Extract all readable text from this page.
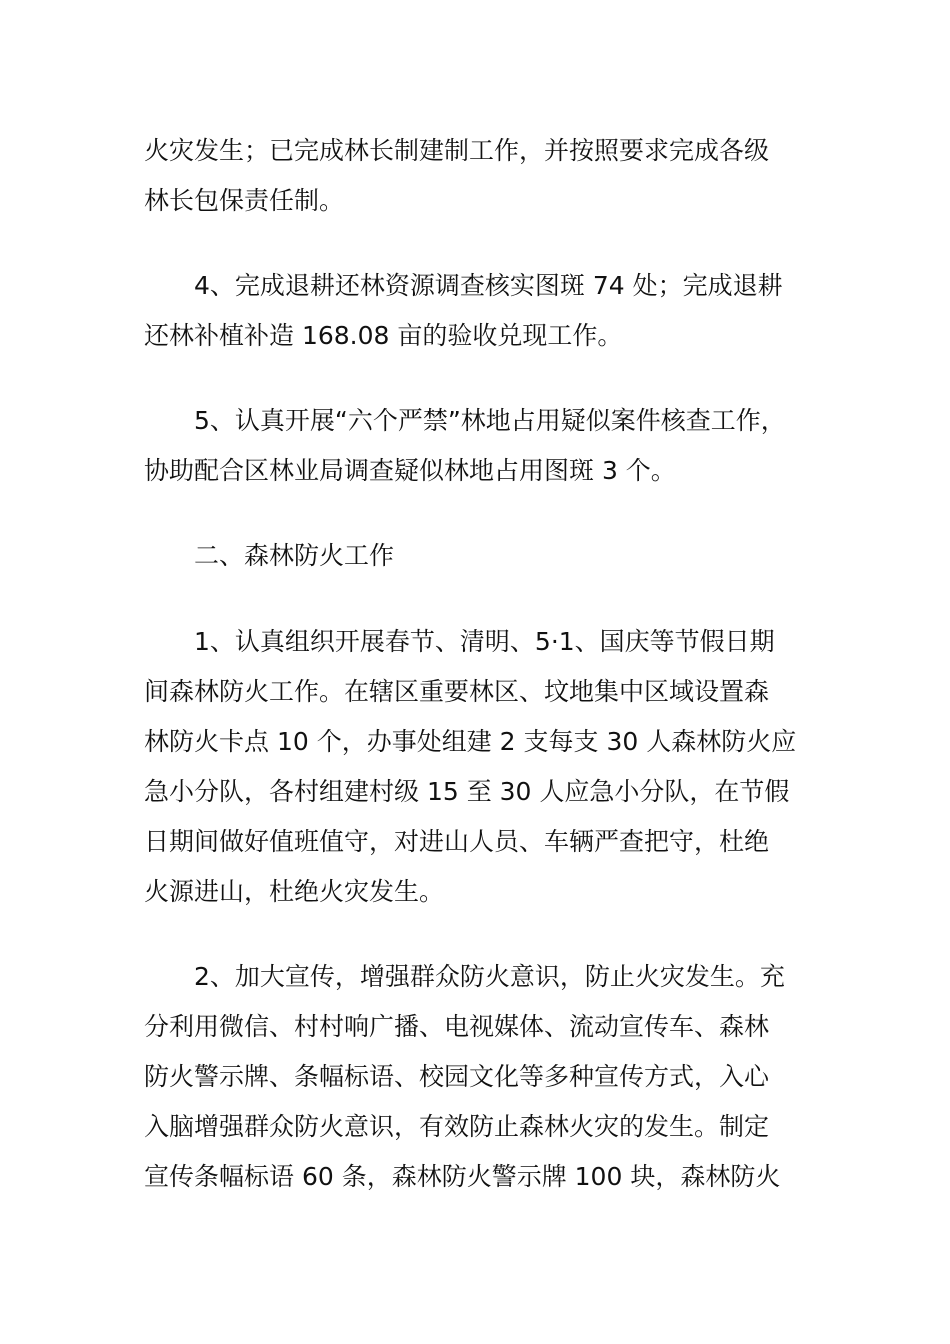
火灾发生；已完成林长制建制工作，并按照要求完成各级
林长包保责任制。
4、完成退耕还林资源调查核实图斑 74 处；完成退耕
还林补植补造 168.08 亩的验收兑现工作。
5、认真开展“六个严禁”林地占用疑似案件核查工作，
协助配合区林业局调查疑似林地占用图斑 3 个。
二、森林防火工作
1、认真组织开展春节、清明、5·1、国庆等节假日期
间森林防火工作。在辖区重要林区、坟地集中区域设置森
林防火卡点 10 个，办事处组建 2 支每支 30 人森林防火应
急小分队，各村组建村级 15 至 30 人应急小分队，在节假
日期间做好值班值守，对进山人员、车辆严查把守，杜绝
火源进山，杜绝火灾发生。
2、加大宣传，增强群众防火意识，防止火灾发生。充
分利用微信、村村响广播、电视媒体、流动宣传车、森林
防火警示牌、条幅标语、校园文化等多种宣传方式，入心
入脑增强群众防火意识，有效防止森林火灾的发生。制定
宣传条幅标语 60 条，森林防火警示牌 100 块，森林防火
